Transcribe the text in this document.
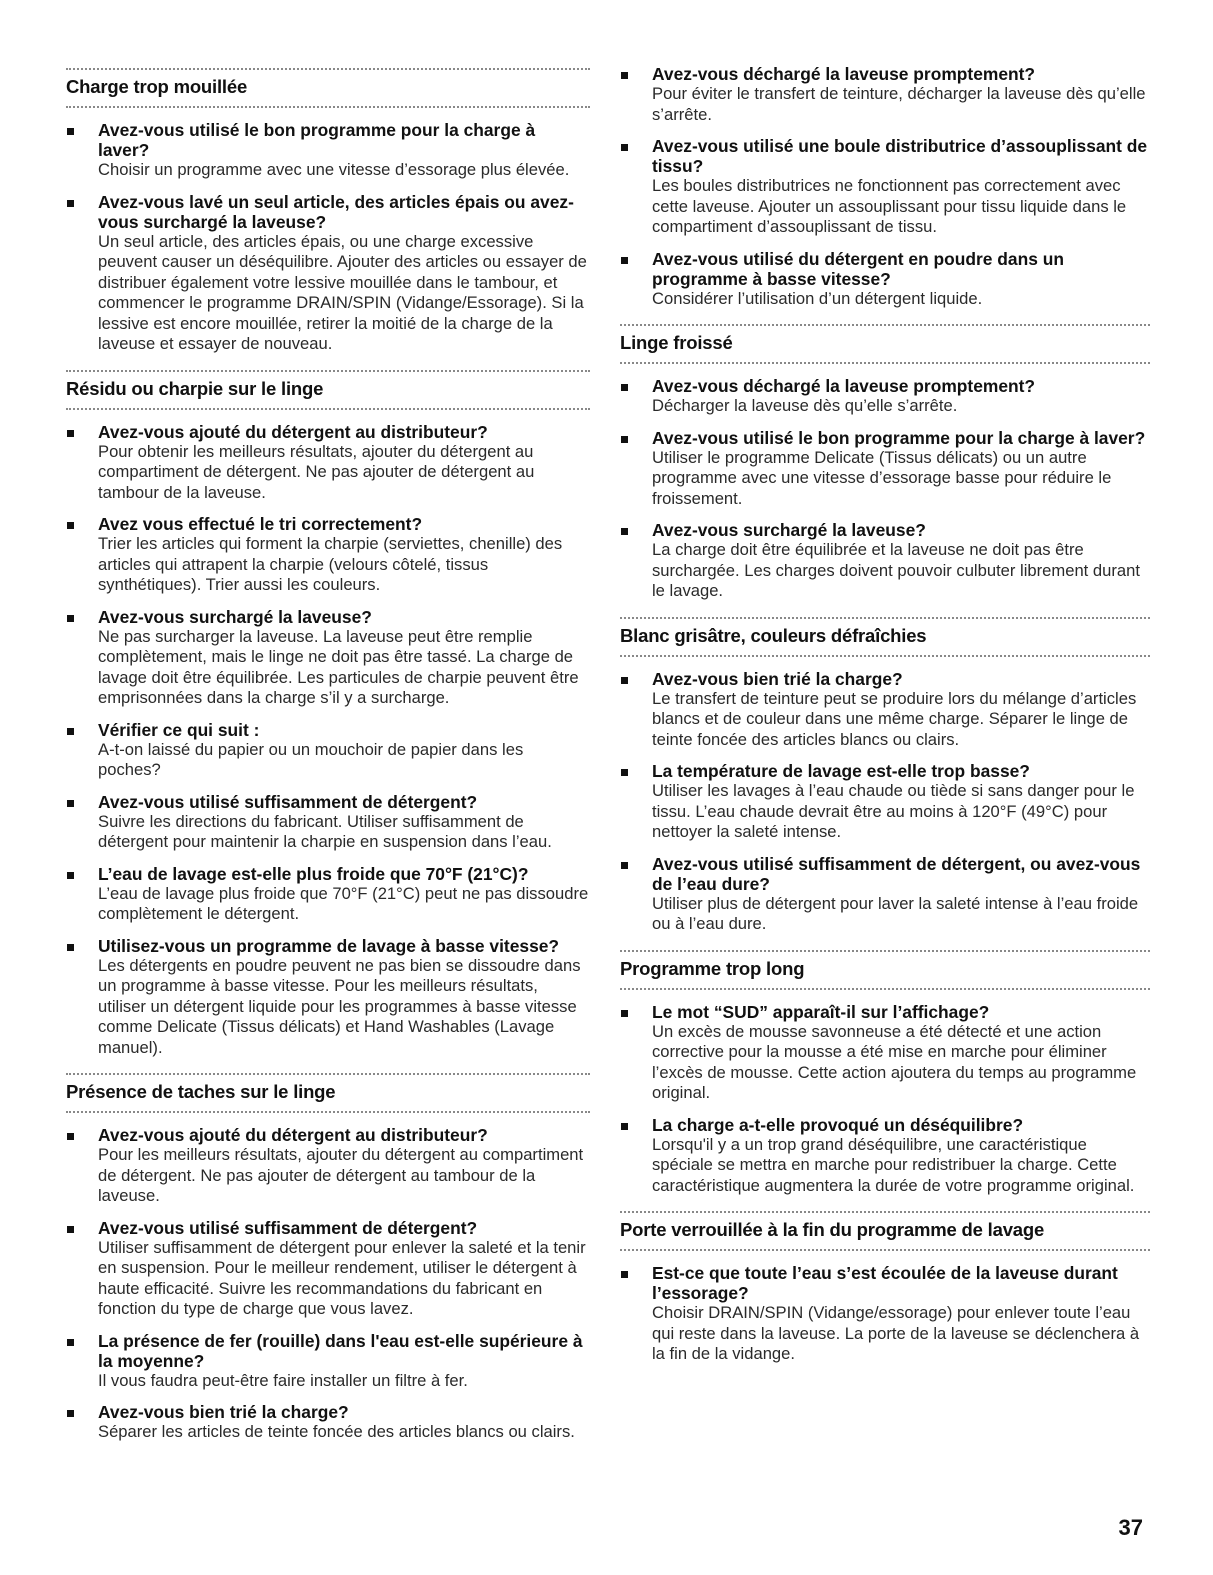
Charge trop mouillée
Avez-vous utilisé le bon programme pour la charge à laver?
Choisir un programme avec une vitesse d’essorage plus élevée.
Avez-vous lavé un seul article, des articles épais ou avez-vous surchargé la laveuse?
Un seul article, des articles épais, ou une charge excessive peuvent causer un déséquilibre. Ajouter des articles ou essayer de distribuer également votre lessive mouillée dans le tambour, et commencer le programme DRAIN/SPIN (Vidange/Essorage). Si la lessive est encore mouillée, retirer la moitié de la charge de la laveuse et essayer de nouveau.
Résidu ou charpie sur le linge
Avez-vous ajouté du détergent au distributeur?
Pour obtenir les meilleurs résultats, ajouter du détergent au compartiment de détergent. Ne pas ajouter de détergent au tambour de la laveuse.
Avez vous effectué le tri correctement?
Trier les articles qui forment la charpie (serviettes, chenille) des articles qui attrapent la charpie (velours côtelé, tissus synthétiques). Trier aussi les couleurs.
Avez-vous surchargé la laveuse?
Ne pas surcharger la laveuse. La laveuse peut être remplie complètement, mais le linge ne doit pas être tassé. La charge de lavage doit être équilibrée. Les particules de charpie peuvent être emprisonnées dans la charge s’il y a surcharge.
Vérifier ce qui suit :
A-t-on laissé du papier ou un mouchoir de papier dans les poches?
Avez-vous utilisé suffisamment de détergent?
Suivre les directions du fabricant. Utiliser suffisamment de détergent pour maintenir la charpie en suspension dans l’eau.
L’eau de lavage est-elle plus froide que 70°F (21°C)?
L’eau de lavage plus froide que 70°F (21°C) peut ne pas dissoudre complètement le détergent.
Utilisez-vous un programme de lavage à basse vitesse?
Les détergents en poudre peuvent ne pas bien se dissoudre dans un programme à basse vitesse. Pour les meilleurs résultats, utiliser un détergent liquide pour les programmes à basse vitesse comme Delicate (Tissus délicats) et Hand Washables (Lavage manuel).
Présence de taches sur le linge
Avez-vous ajouté du détergent au distributeur?
Pour les meilleurs résultats, ajouter du détergent au compartiment de détergent. Ne pas ajouter de détergent au tambour de la laveuse.
Avez-vous utilisé suffisamment de détergent?
Utiliser suffisamment de détergent pour enlever la saleté et la tenir en suspension. Pour le meilleur rendement, utiliser le détergent à haute efficacité. Suivre les recommandations du fabricant en fonction du type de charge que vous lavez.
La présence de fer (rouille) dans l'eau est-elle supérieure à la moyenne?
Il vous faudra peut-être faire installer un filtre à fer.
Avez-vous bien trié la charge?
Séparer les articles de teinte foncée des articles blancs ou clairs.
Avez-vous déchargé la laveuse promptement?
Pour éviter le transfert de teinture, décharger la laveuse dès qu’elle s’arrête.
Avez-vous utilisé une boule distributrice d’assouplissant de tissu?
Les boules distributrices ne fonctionnent pas correctement avec cette laveuse. Ajouter un assouplissant pour tissu liquide dans le compartiment d’assouplissant de tissu.
Avez-vous utilisé du détergent en poudre dans un programme à basse vitesse?
Considérer l’utilisation d’un détergent liquide.
Linge froissé
Avez-vous déchargé la laveuse promptement?
Décharger la laveuse dès qu’elle s’arrête.
Avez-vous utilisé le bon programme pour la charge à laver?
Utiliser le programme Delicate (Tissus délicats) ou un autre programme avec une vitesse d’essorage basse pour réduire le froissement.
Avez-vous surchargé la laveuse?
La charge doit être équilibrée et la laveuse ne doit pas être surchargée. Les charges doivent pouvoir culbuter librement durant le lavage.
Blanc grisâtre, couleurs défraîchies
Avez-vous bien trié la charge?
Le transfert de teinture peut se produire lors du mélange d’articles blancs et de couleur dans une même charge. Séparer le linge de teinte foncée des articles blancs ou clairs.
La température de lavage est-elle trop basse?
Utiliser les lavages à l’eau chaude ou tiède si sans danger pour le tissu. L’eau chaude devrait être au moins à 120°F (49°C) pour nettoyer la saleté intense.
Avez-vous utilisé suffisamment de détergent, ou avez-vous de l’eau dure?
Utiliser plus de détergent pour laver la saleté intense à l’eau froide ou à l’eau dure.
Programme trop long
Le mot “SUD” apparaît-il sur l’affichage?
Un excès de mousse savonneuse a été détecté et une action corrective pour la mousse a été mise en marche pour éliminer l’excès de mousse. Cette action ajoutera du temps au programme original.
La charge a-t-elle provoqué un déséquilibre?
Lorsqu'il y a un trop grand déséquilibre, une caractéristique spéciale se mettra en marche pour redistribuer la charge. Cette caractéristique augmentera la durée de votre programme original.
Porte verrouillée à la fin du programme de lavage
Est-ce que toute l’eau s’est écoulée de la laveuse durant l’essorage?
Choisir DRAIN/SPIN (Vidange/essorage) pour enlever toute l’eau qui reste dans la laveuse. La porte de la laveuse se déclenchera à la fin de la vidange.
37
